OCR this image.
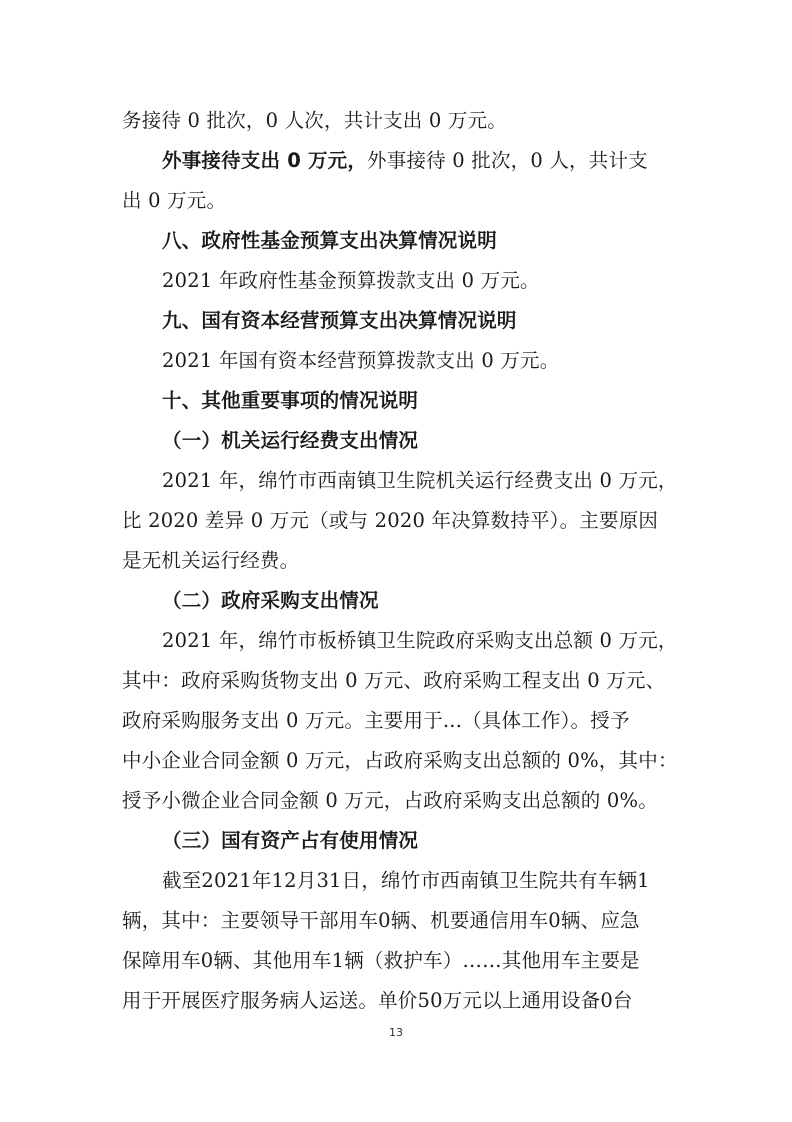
务接待 0 批次，0 人次，共计支出 0 万元。
外事接待支出 0 万元， 外事接待 0 批次，0 人，共计支
出 0 万元。
八、政府性基金预算支出决算情况说明
2021 年政府性基金预算拨款支出 0 万元。
九、国有资本经营预算支出决算情况说明
2021 年国有资本经营预算拨款支出 0 万元。
十、其他重要事项的情况说明
（一）机关运行经费支出情况
2021 年，绵竹市西南镇卫生院机关运行经费支出 0 万元，
比 2020 差异 0 万元（或与 2020 年决算数持平）。主要原因
是无机关运行经费。
（二）政府采购支出情况
2021 年，绵竹市板桥镇卫生院政府采购支出总额 0 万元，
其中：政府采购货物支出 0 万元、政府采购工程支出 0 万元、
政府采购服务支出 0 万元。主要用于...（具体工作）。授予
中小企业合同金额 0 万元，占政府采购支出总额的 0%，其中：
授予小微企业合同金额 0 万元，占政府采购支出总额的 0%。
（三）国有资产占有使用情况
截至2021年12月31日，绵竹市西南镇卫生院共有车辆1
辆，其中：主要领导干部用车0辆、机要通信用车0辆、应急
保障用车0辆、其他用车1辆（救护车）……其他用车主要是
用于开展医疗服务病人运送。单价50万元以上通用设备0台
13
